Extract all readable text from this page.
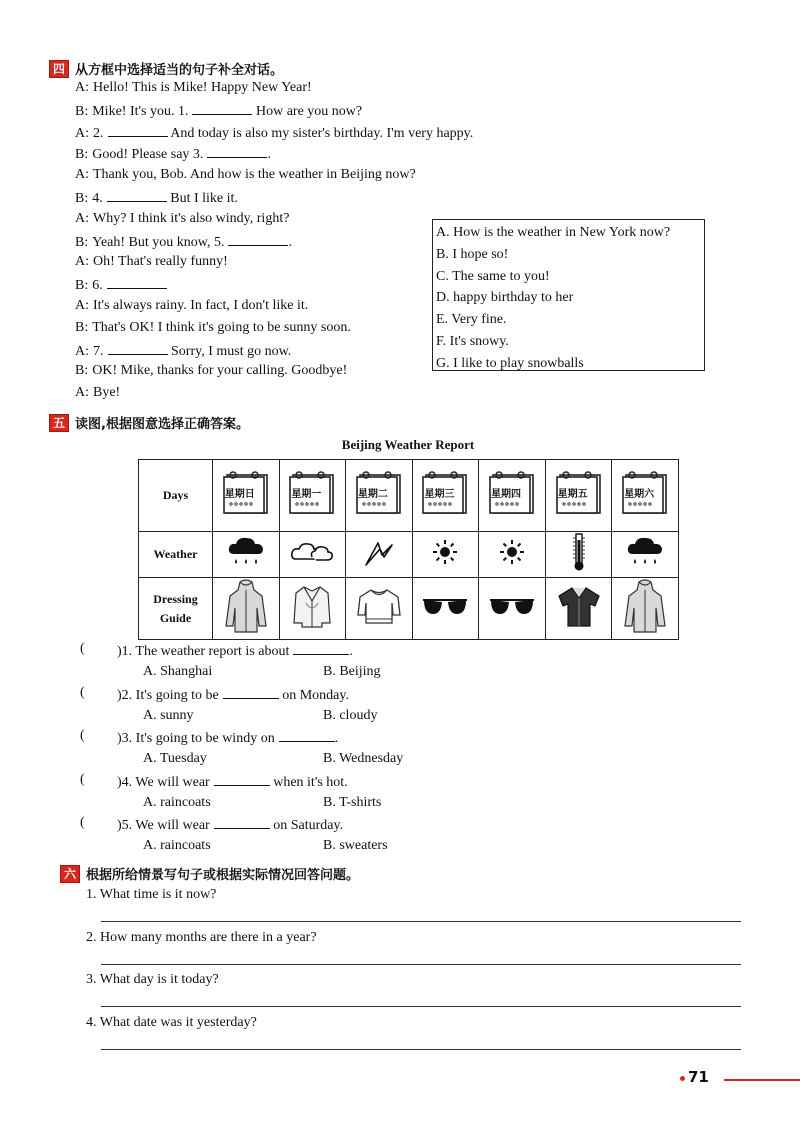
四 从方框中选择适当的句子补全对话。
A: Hello! This is Mike! Happy New Year!
B: Mike! It's you. 1.	How are you now?
A: 2.	And today is also my sister's birthday. I'm very happy.
B: Good! Please say 3.	.
A: Thank you, Bob. And how is the weather in Beijing now?
B: 4.	But I like it.
A: Why? I think it's also windy, right?
B: Yeah! But you know, 5.	.
A: Oh! That's really funny!
B: 6.
A: It's always rainy. In fact, I don't like it.
B: That's OK! I think it's going to be sunny soon.
A: 7.	Sorry, I must go now.
B: OK! Mike, thanks for your calling. Goodbye!
A: Bye!
A. How is the weather in New York now?
B. I hope so!
C. The same to you!
D. happy birthday to her
E. Very fine.
F. It's snowy.
G. I like to play snowballs
五 读图,根据图意选择正确答案。
Beijing Weather Report
Days	星期日	星期一	星期二	星期三	星期四	星期五	星期六

Weather							

Dressing
Guide

( )1. The weather report is about	.
A. Shanghai	B. Beijing
( )2. It's going to be	on Monday.
A. sunny	B. cloudy
( )3. It's going to be windy on	.
A. Tuesday	B. Wednesday
( )4. We will wear	when it's hot.
A. raincoats	B. T-shirts
( )5. We will wear	on Saturday.
A. raincoats	B. sweaters
六 根据所给情景写句子或根据实际情况回答问题。
1. What time is it now?
2. How many months are there in a year?
3. What day is it today?
4. What date was it yesterday?
71
